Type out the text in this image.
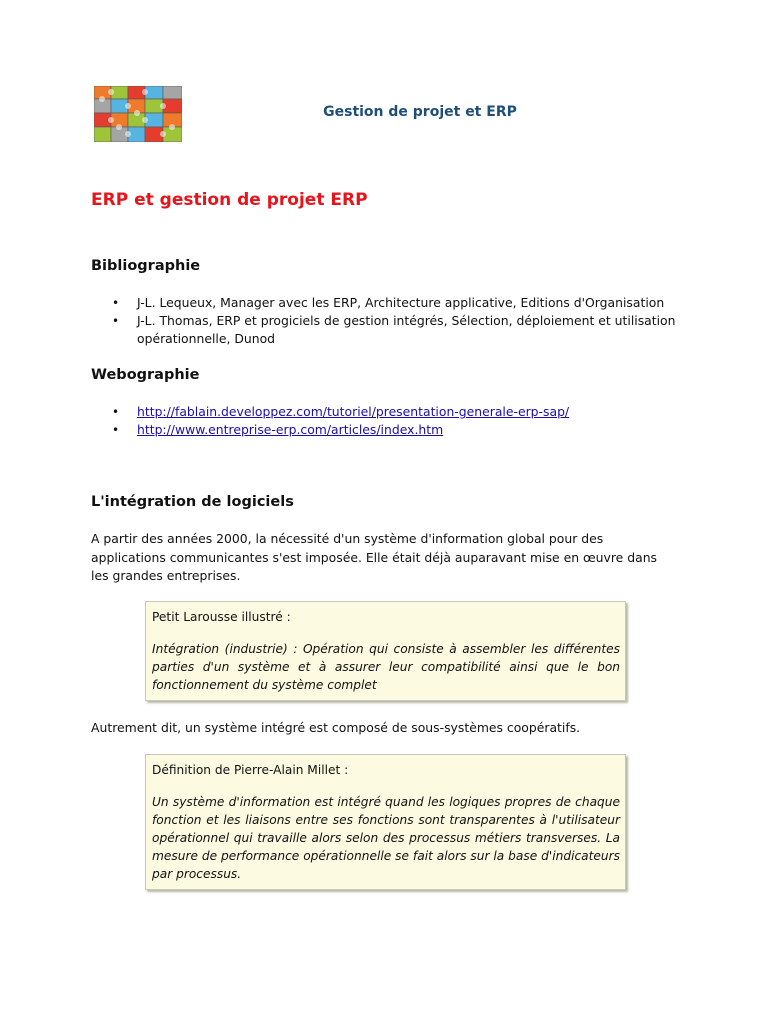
Gestion de projet et ERP
ERP et gestion de projet ERP
Bibliographie
• J-L. Lequeux, Manager avec les ERP, Architecture applicative, Editions d'Organisation
• J-L. Thomas, ERP et progiciels de gestion intégrés, Sélection, déploiement et utilisation opérationnelle, Dunod
Webographie
• http://fablain.developpez.com/tutoriel/presentation-generale-erp-sap/
• http://www.entreprise-erp.com/articles/index.htm
L'intégration de logiciels
A partir des années 2000, la nécessité d'un système d'information global pour des applications communicantes s'est imposée. Elle était déjà auparavant mise en œuvre dans les grandes entreprises.

Petit Larousse illustré :

Intégration (industrie) : Opération qui consiste à assembler les différentes parties d'un système et à assurer leur compatibilité ainsi que le bon fonctionnement du système complet

Autrement dit, un système intégré est composé de sous-systèmes coopératifs.

Définition de Pierre-Alain Millet :

Un système d'information est intégré quand les logiques propres de chaque fonction et les liaisons entre ses fonctions sont transparentes à l'utilisateur opérationnel qui travaille alors selon des processus métiers transverses. La mesure de performance opérationnelle se fait alors sur la base d'indicateurs par processus.
